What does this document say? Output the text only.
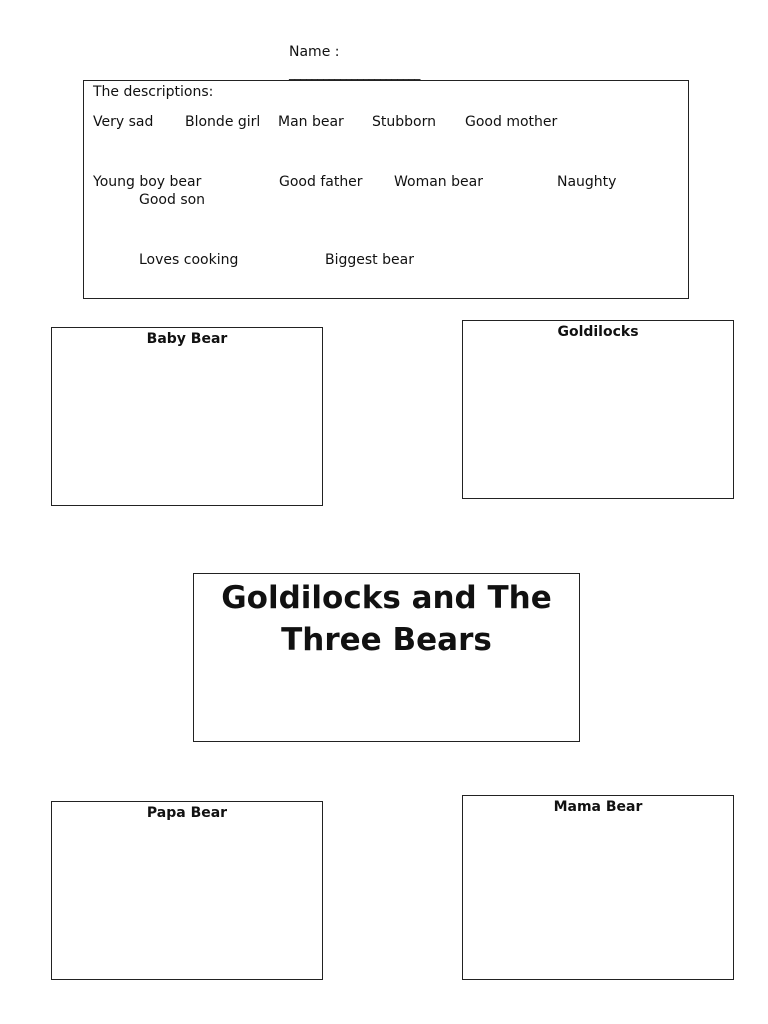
Name :
_______________________
The descriptions:
Very sad Blonde girl Man bear Stubborn Good mother
Young boy bear	Good father Woman bear	Naughty
Good son
Loves cooking	Biggest bear
Baby Bear	Goldilocks
Goldilocks and The
Three Bears
Papa Bear	Mama Bear
